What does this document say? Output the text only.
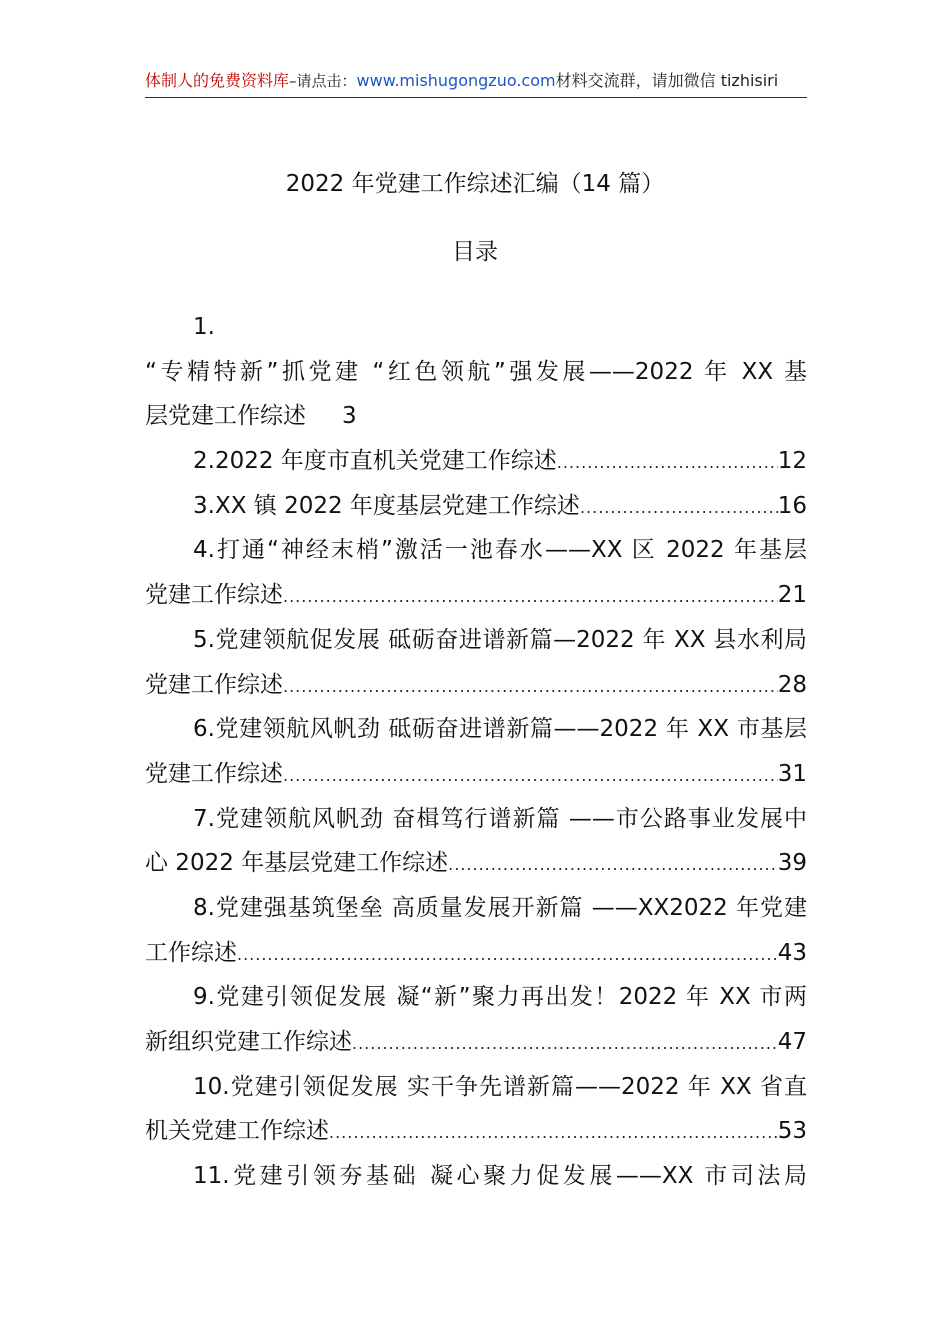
体制人的免费资料库–请点击：www.mishugongzuo.com材料交流群，请加微信 tizhisiri
2022 年党建工作综述汇编（14 篇）
目录
1.
“专精特新”抓党建 “红色领航”强发展——2022 年 XX 基
层党建工作综述 3
2.2022 年度市直机关党建工作综述 .....	12
3.XX 镇 2022 年度基层党建工作综述 .....	16
4.打通“神经末梢”激活一池春水——XX 区 2022 年基层
党建工作综述 .....	21
5.党建领航促发展 砥砺奋进谱新篇—2022 年 XX 县水利局
党建工作综述 .....	28
6.党建领航风帆劲 砥砺奋进谱新篇——2022 年 XX 市基层
党建工作综述 .....	31
7.党建领航风帆劲 奋楫笃行谱新篇 ——市公路事业发展中
心 2022 年基层党建工作综述 .....	39
8.党建强基筑堡垒 高质量发展开新篇 ——XX2022 年党建
工作综述 .....	43
9.党建引领促发展 凝“新”聚力再出发！2022 年 XX 市两
新组织党建工作综述 .....	47
10.党建引领促发展 实干争先谱新篇——2022 年 XX 省直
机关党建工作综述 .....	53
11.党建引领夯基础 凝心聚力促发展——XX 市司法局
